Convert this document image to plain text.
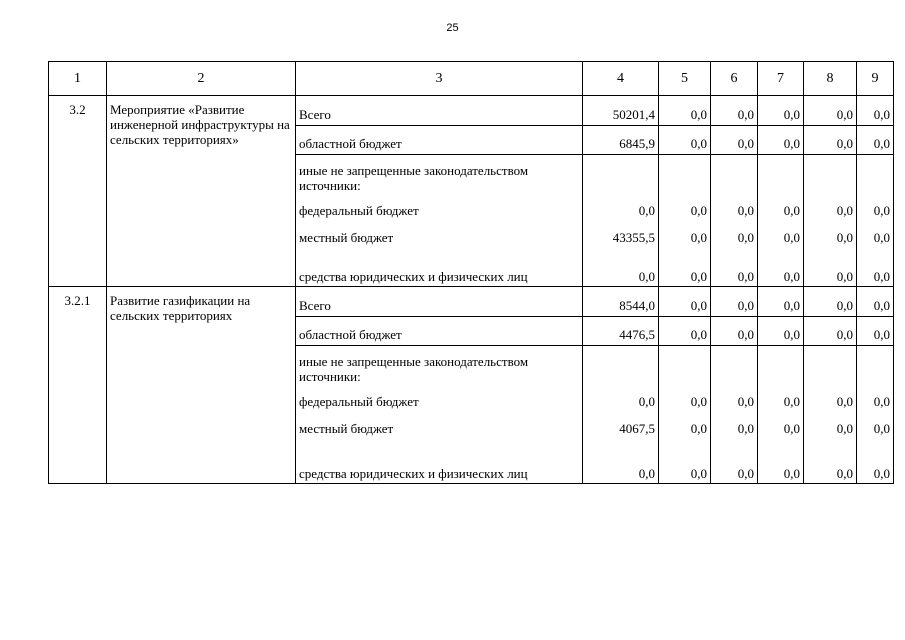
25
1	2	3	4	5	6	7	8	9
3.2	Мероприятие «Развитие инженерной инфраструктуры на сельских территориях»	Всего	50201,4	0,0	0,0	0,0	0,0	0,0
		областной бюджет	6845,9	0,0	0,0	0,0	0,0	0,0
		иные не запрещенные законодательством источники:						
		федеральный бюджет	0,0	0,0	0,0	0,0	0,0	0,0
		местный бюджет	43355,5	0,0	0,0	0,0	0,0	0,0
		средства юридических и физических лиц	0,0	0,0	0,0	0,0	0,0	0,0
3.2.1	Развитие газификации на сельских территориях	Всего	8544,0	0,0	0,0	0,0	0,0	0,0
		областной бюджет	4476,5	0,0	0,0	0,0	0,0	0,0
		иные не запрещенные законодательством источники:						
		федеральный бюджет	0,0	0,0	0,0	0,0	0,0	0,0
		местный бюджет	4067,5	0,0	0,0	0,0	0,0	0,0
		средства юридических и физических лиц	0,0	0,0	0,0	0,0	0,0	0,0
